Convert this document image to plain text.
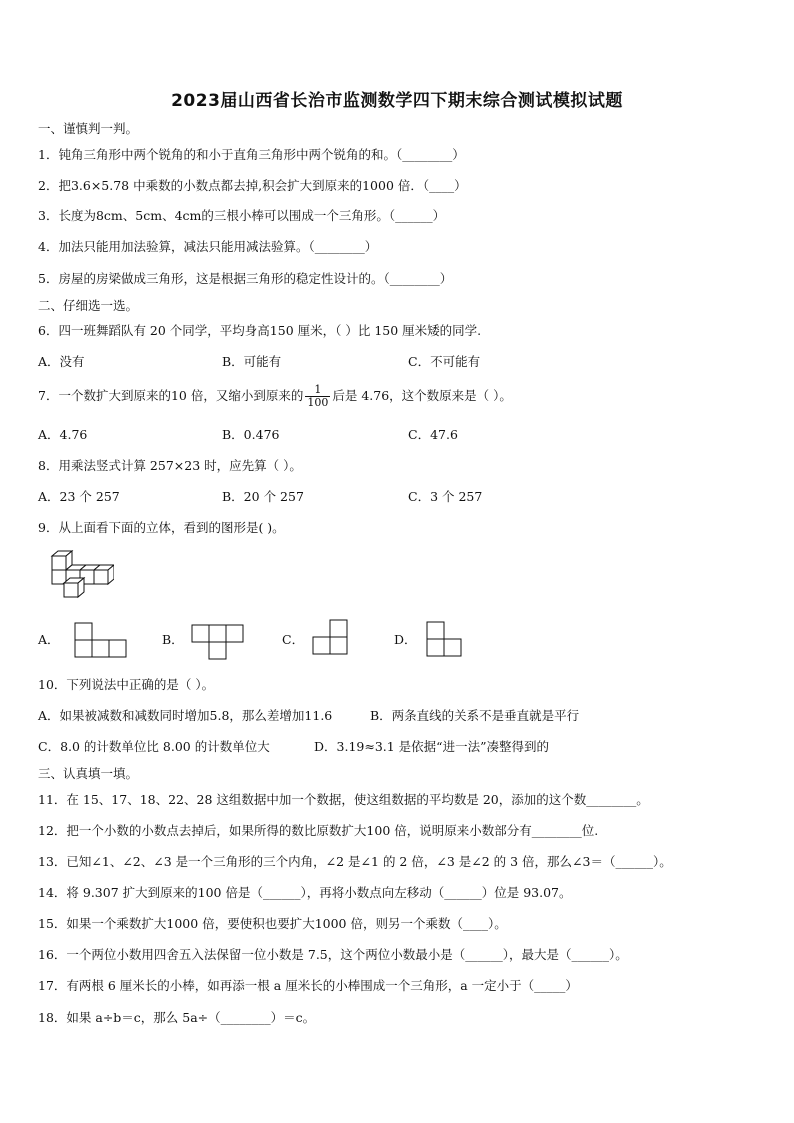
2023届山西省长治市监测数学四下期末综合测试模拟试题
一、谨慎判一判。
1．钝角三角形中两个锐角的和小于直角三角形中两个锐角的和。（________）
2．把3.6×5.78 中乘数的小数点都去掉,积会扩大到原来的1000 倍．（____）
3．长度为8cm、5cm、4cm的三根小棒可以围成一个三角形。（______）
4．加法只能用加法验算，减法只能用减法验算。（________）
5．房屋的房梁做成三角形，这是根据三角形的稳定性设计的。（________）
二、仔细选一选。
6．四一班舞蹈队有 20 个同学，平均身高150 厘米，（ ）比 150 厘米矮的同学.
A．没有	B．可能有	C．不可能有
7．一个数扩大到原来的10 倍，又缩小到原来的 $\frac{1}{100}$ 后是 4.76，这个数原来是（ ）。
A．4.76	B．0.476	C．47.6
8．用乘法竖式计算 257×23 时，应先算（ ）。
A．23 个 257	B．20 个 257	C．3 个 257
9．从上面看下面的立体，看到的图形是( )。
A．	B．	C．	D．
10．下列说法中正确的是（ ）。
A．如果被减数和减数同时增加5.8，那么差增加11.6	B．两条直线的关系不是垂直就是平行
C．8.0 的计数单位比 8.00 的计数单位大	D．3.19≈3.1 是依据“进一法”凑整得到的
三、认真填一填。
11．在 15、17、18、22、28 这组数据中加一个数据，使这组数据的平均数是 20，添加的这个数________。
12．把一个小数的小数点去掉后，如果所得的数比原数扩大100 倍，说明原来小数部分有________位.
13．已知∠1、∠2、∠3 是一个三角形的三个内角，∠2 是∠1 的 2 倍，∠3 是∠2 的 3 倍，那么∠3＝（______）。
14．将 9.307 扩大到原来的100 倍是（______），再将小数点向左移动（______）位是 93.07。
15．如果一个乘数扩大1000 倍，要使积也要扩大1000 倍，则另一个乘数（____）。
16．一个两位小数用四舍五入法保留一位小数是 7.5，这个两位小数最小是（______），最大是（______）。
17．有两根 6 厘米长的小棒，如再添一根 a 厘米长的小棒围成一个三角形，a 一定小于（_____）
18．如果 a÷b＝c，那么 5a÷（________）＝c。
